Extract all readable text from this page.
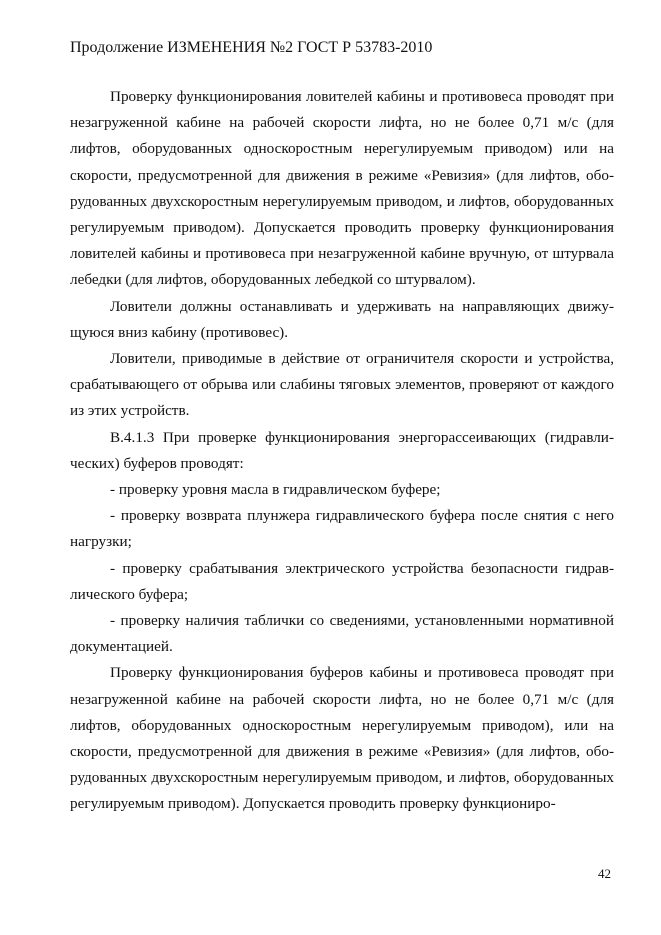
Продолжение ИЗМЕНЕНИЯ №2 ГОСТ Р 53783-2010

Проверку функционирования ловителей кабины и противовеса проводят при незагруженной кабине на рабочей скорости лифта, но не более 0,71 м/с (для лифтов, оборудованных односкоростным нерегулируемым приводом) или на скорости, предусмотренной для движения в режиме «Ревизия» (для лифтов, оборудованных двухскоростным нерегулируемым приводом, и лифтов, оборудованных регулируемым приводом). Допускается проводить проверку функционирования ловителей кабины и противовеса при незагруженной кабине вручную, от штурвала лебедки (для лифтов, оборудованных лебедкой со штурвалом).

Ловители должны останавливать и удерживать на направляющих движущуюся вниз кабину (противовес).

Ловители, приводимые в действие от ограничителя скорости и устройства, срабатывающего от обрыва или слабины тяговых элементов, проверяют от каждого из этих устройств.

В.4.1.3 При проверке функционирования энергорассеивающих (гидравлических) буферов проводят:

- проверку уровня масла в гидравлическом буфере;

- проверку возврата плунжера гидравлического буфера после снятия с него нагрузки;

- проверку срабатывания электрического устройства безопасности гидравлического буфера;

- проверку наличия таблички со сведениями, установленными нормативной документацией.

Проверку функционирования буферов кабины и противовеса проводят при незагруженной кабине на рабочей скорости лифта, но не более 0,71 м/с (для лифтов, оборудованных односкоростным нерегулируемым приводом), или на скорости, предусмотренной для движения в режиме «Ревизия» (для лифтов, оборудованных двухскоростным нерегулируемым приводом, и лифтов, оборудованных регулируемым приводом). Допускается проводить проверку функциониро-

42
